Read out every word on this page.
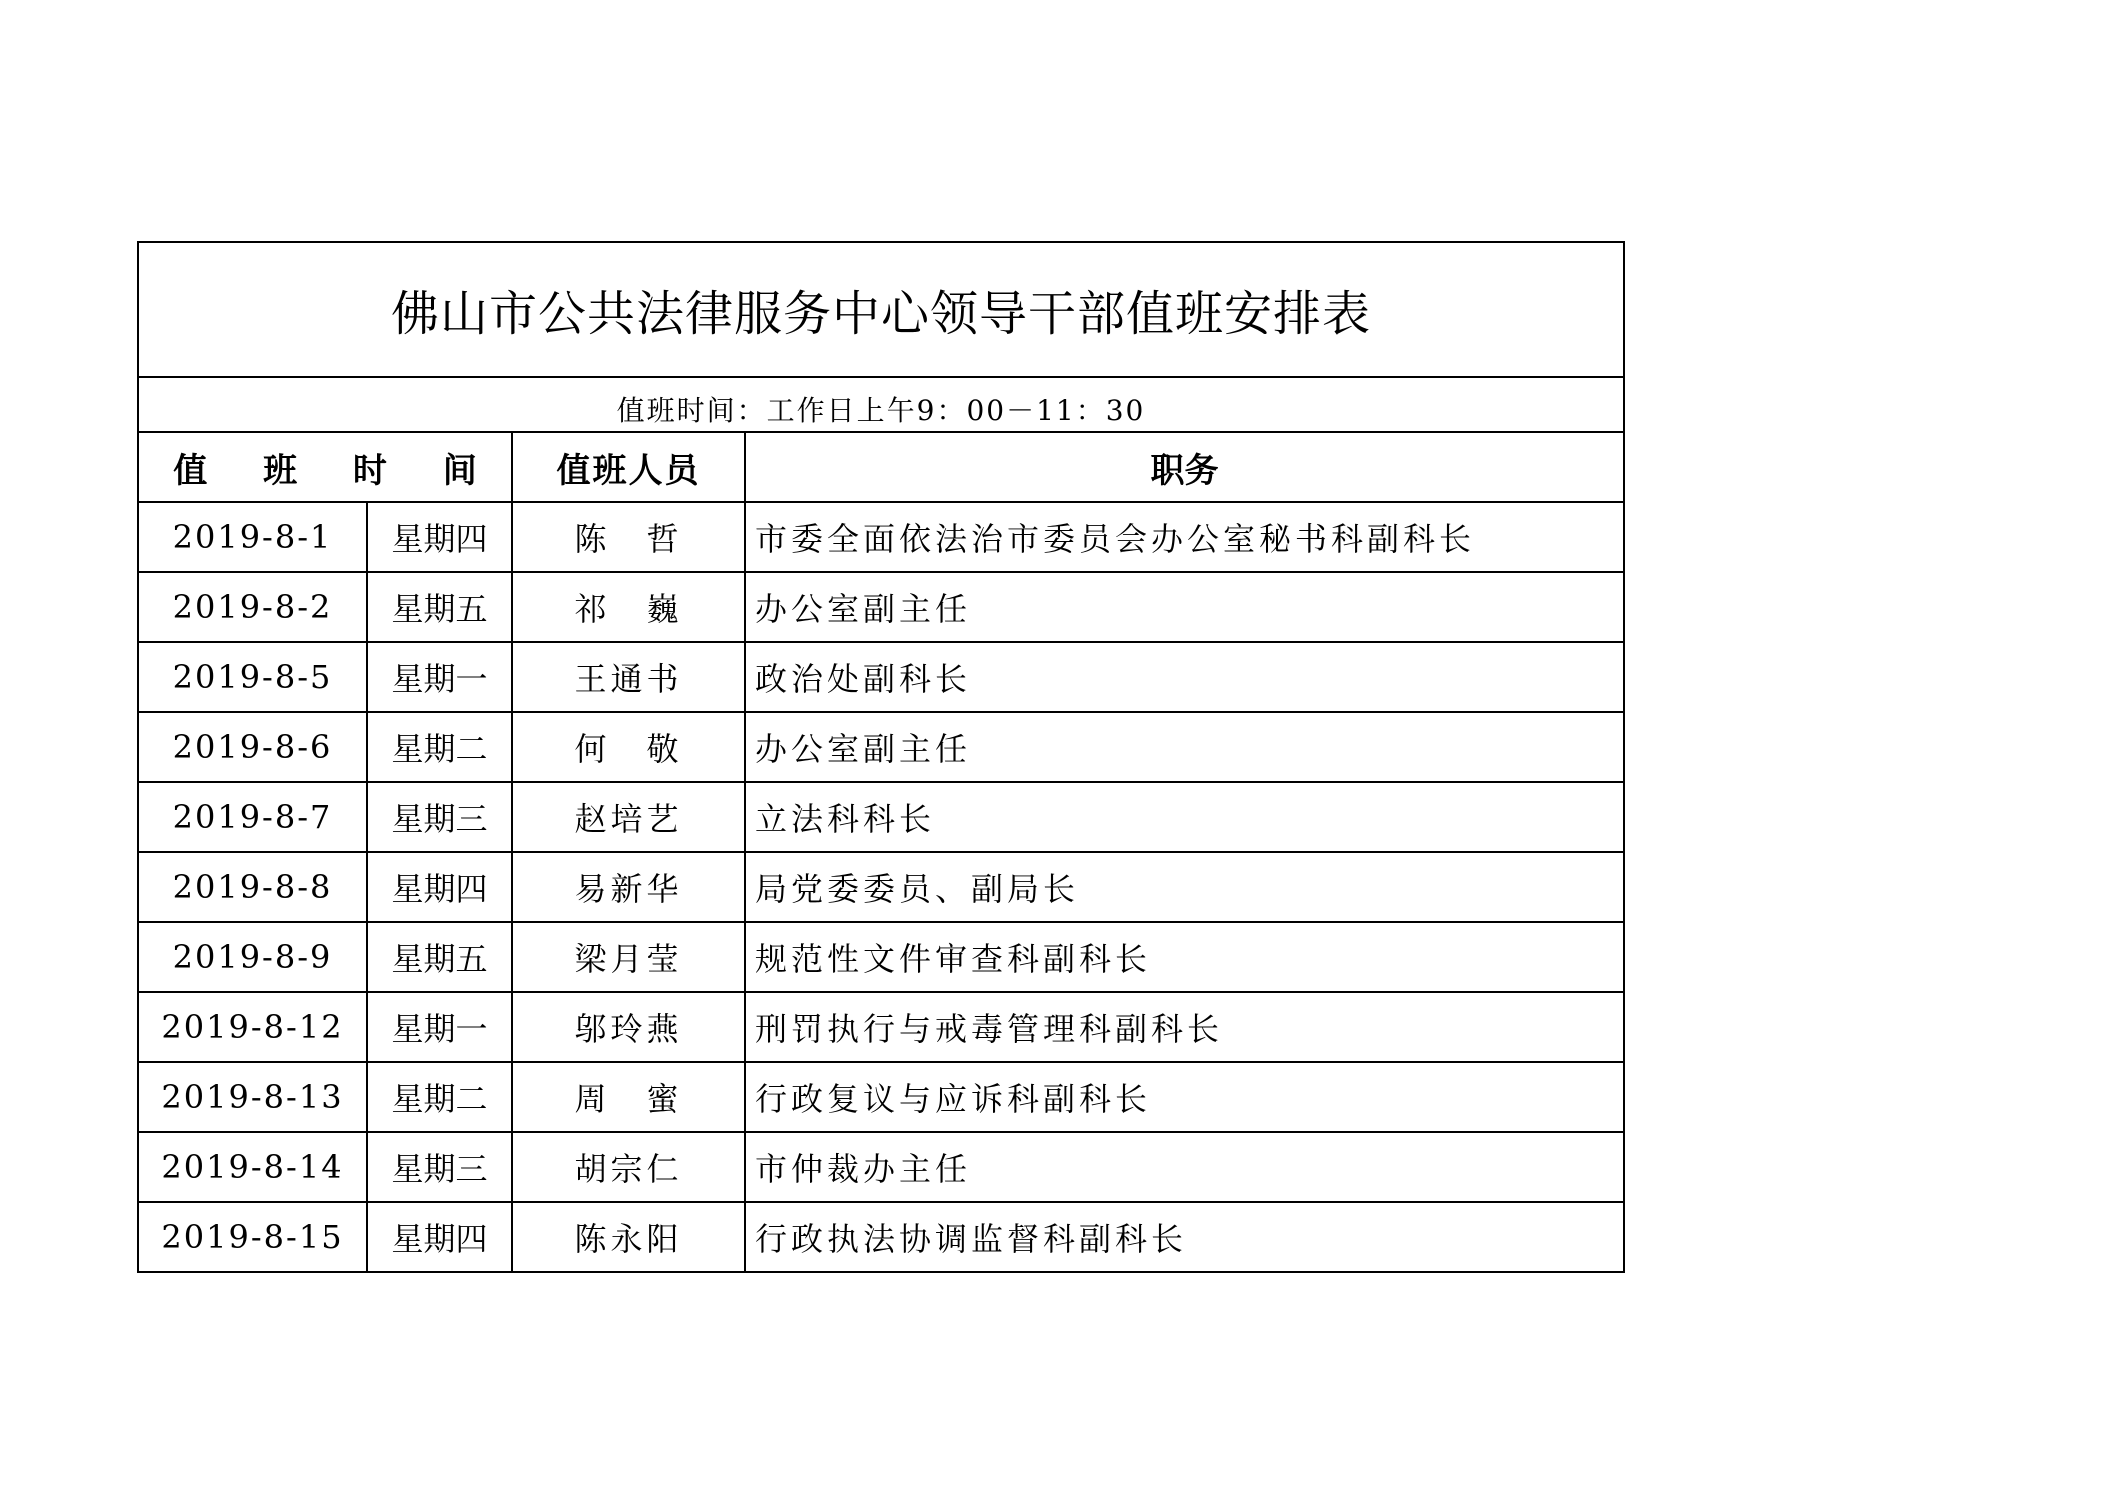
佛山市公共法律服务中心领导干部值班安排表			
值班时间：工作日上午9：00－11：30			
值 班 时 间		值班人员	职务
2019-8-1	星期四	陈　哲	市委全面依法治市委员会办公室秘书科副科长
2019-8-2	星期五	祁　巍	办公室副主任
2019-8-5	星期一	王通书	政治处副科长
2019-8-6	星期二	何　敬	办公室副主任
2019-8-7	星期三	赵培艺	立法科科长
2019-8-8	星期四	易新华	局党委委员、副局长
2019-8-9	星期五	梁月莹	规范性文件审查科副科长
2019-8-12	星期一	邬玲燕	刑罚执行与戒毒管理科副科长
2019-8-13	星期二	周　蜜	行政复议与应诉科副科长
2019-8-14	星期三	胡宗仁	市仲裁办主任
2019-8-15	星期四	陈永阳	行政执法协调监督科副科长
